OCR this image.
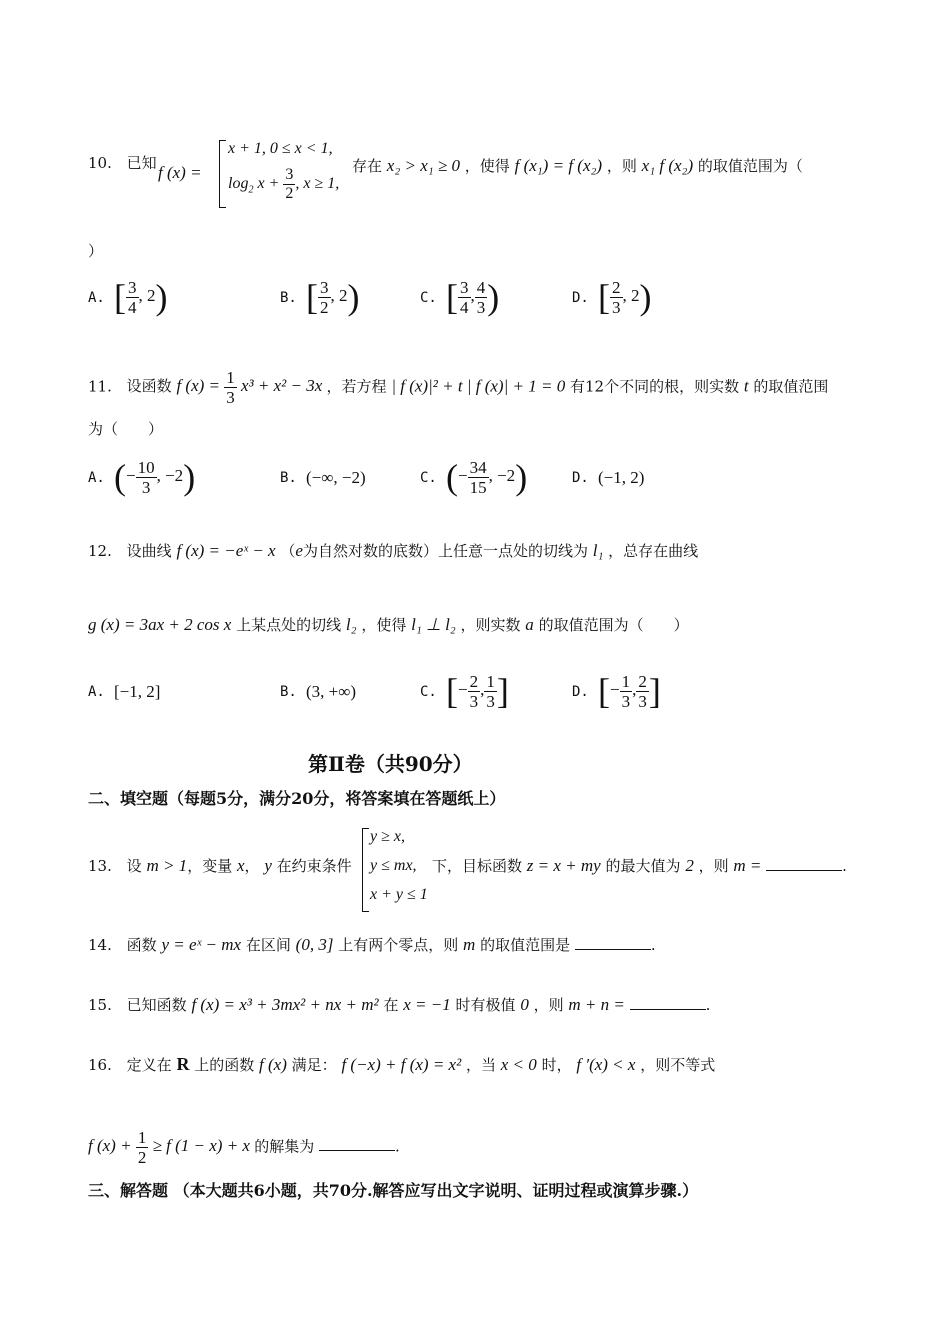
10. 已知 f (x) =
x + 1, 0 ≤ x < 1,
$\log_2 x + \frac{3}{2}$ , x ≥ 1,
存在 x₂ > x₁ ≥ 0 ，使得 f (x₁) = f (x₂) ，则 x₁ f (x₂) 的取值范围为（
）
A. [ $\frac{3}{4}$ , 2)	B. [ $\frac{3}{2}$ , 2)	C. [ $\frac{3}{4}$ , $\frac{4}{3}$ )	D. [ $\frac{2}{3}$ , 2)
11. 设函数 f $(x) = \frac{1}{3} x^3 + x^2 - 3x$ ，若方程 | f (x)|² + t | f (x)| + 1 = 0 有12个不同的根，则实数 t 的取值范围
为（　　）
A. (− $\frac{10}{3}$ , −2)	B. (−∞, −2)	C. (− $\frac{34}{15}$ , −2)	D. (−1, 2)
12. 设曲线 f (x) = −eˣ − x （e为自然对数的底数）上任意一点处的切线为 l₁ ，总存在曲线
g (x) = 3ax + 2 cos x 上某点处的切线 l₂ ，使得 l₁ ⊥ l₂ ，则实数 a 的取值范围为（　　）
A. [−1, 2]	B. (3, +∞)	C. [− $\frac{2}{3}$ , $\frac{1}{3}$ ]	D. [− $\frac{1}{3}$ , $\frac{2}{3}$ ]
第Ⅱ卷（共90分）
二、填空题（每题5分，满分20分，将答案填在答题纸上）
13. 设 m > 1，变量 x， y 在约束条件
y ≥ x,
y ≤ mx,
x + y ≤ 1
下，目标函数 z = x + my 的最大值为 2 ，则 m =	.
14. 函数 y = eˣ − mx 在区间 (0, 3] 上有两个零点，则 m 的取值范围是	.
15. 已知函数 f (x) = x³ + 3mx² + nx + m² 在 x = −1 时有极值 0 ，则 m + n =	.
16. 定义在 R 上的函数 f (x) 满足： f (−x) + f (x) = x² ，当 x < 0 时， f ′(x) < x ，则不等式
f $(x) + \frac{1}{2} \ge f$ (1 − x) + x 的解集为	.
三、解答题 （本大题共6小题，共70分.解答应写出文字说明、证明过程或演算步骤.）
